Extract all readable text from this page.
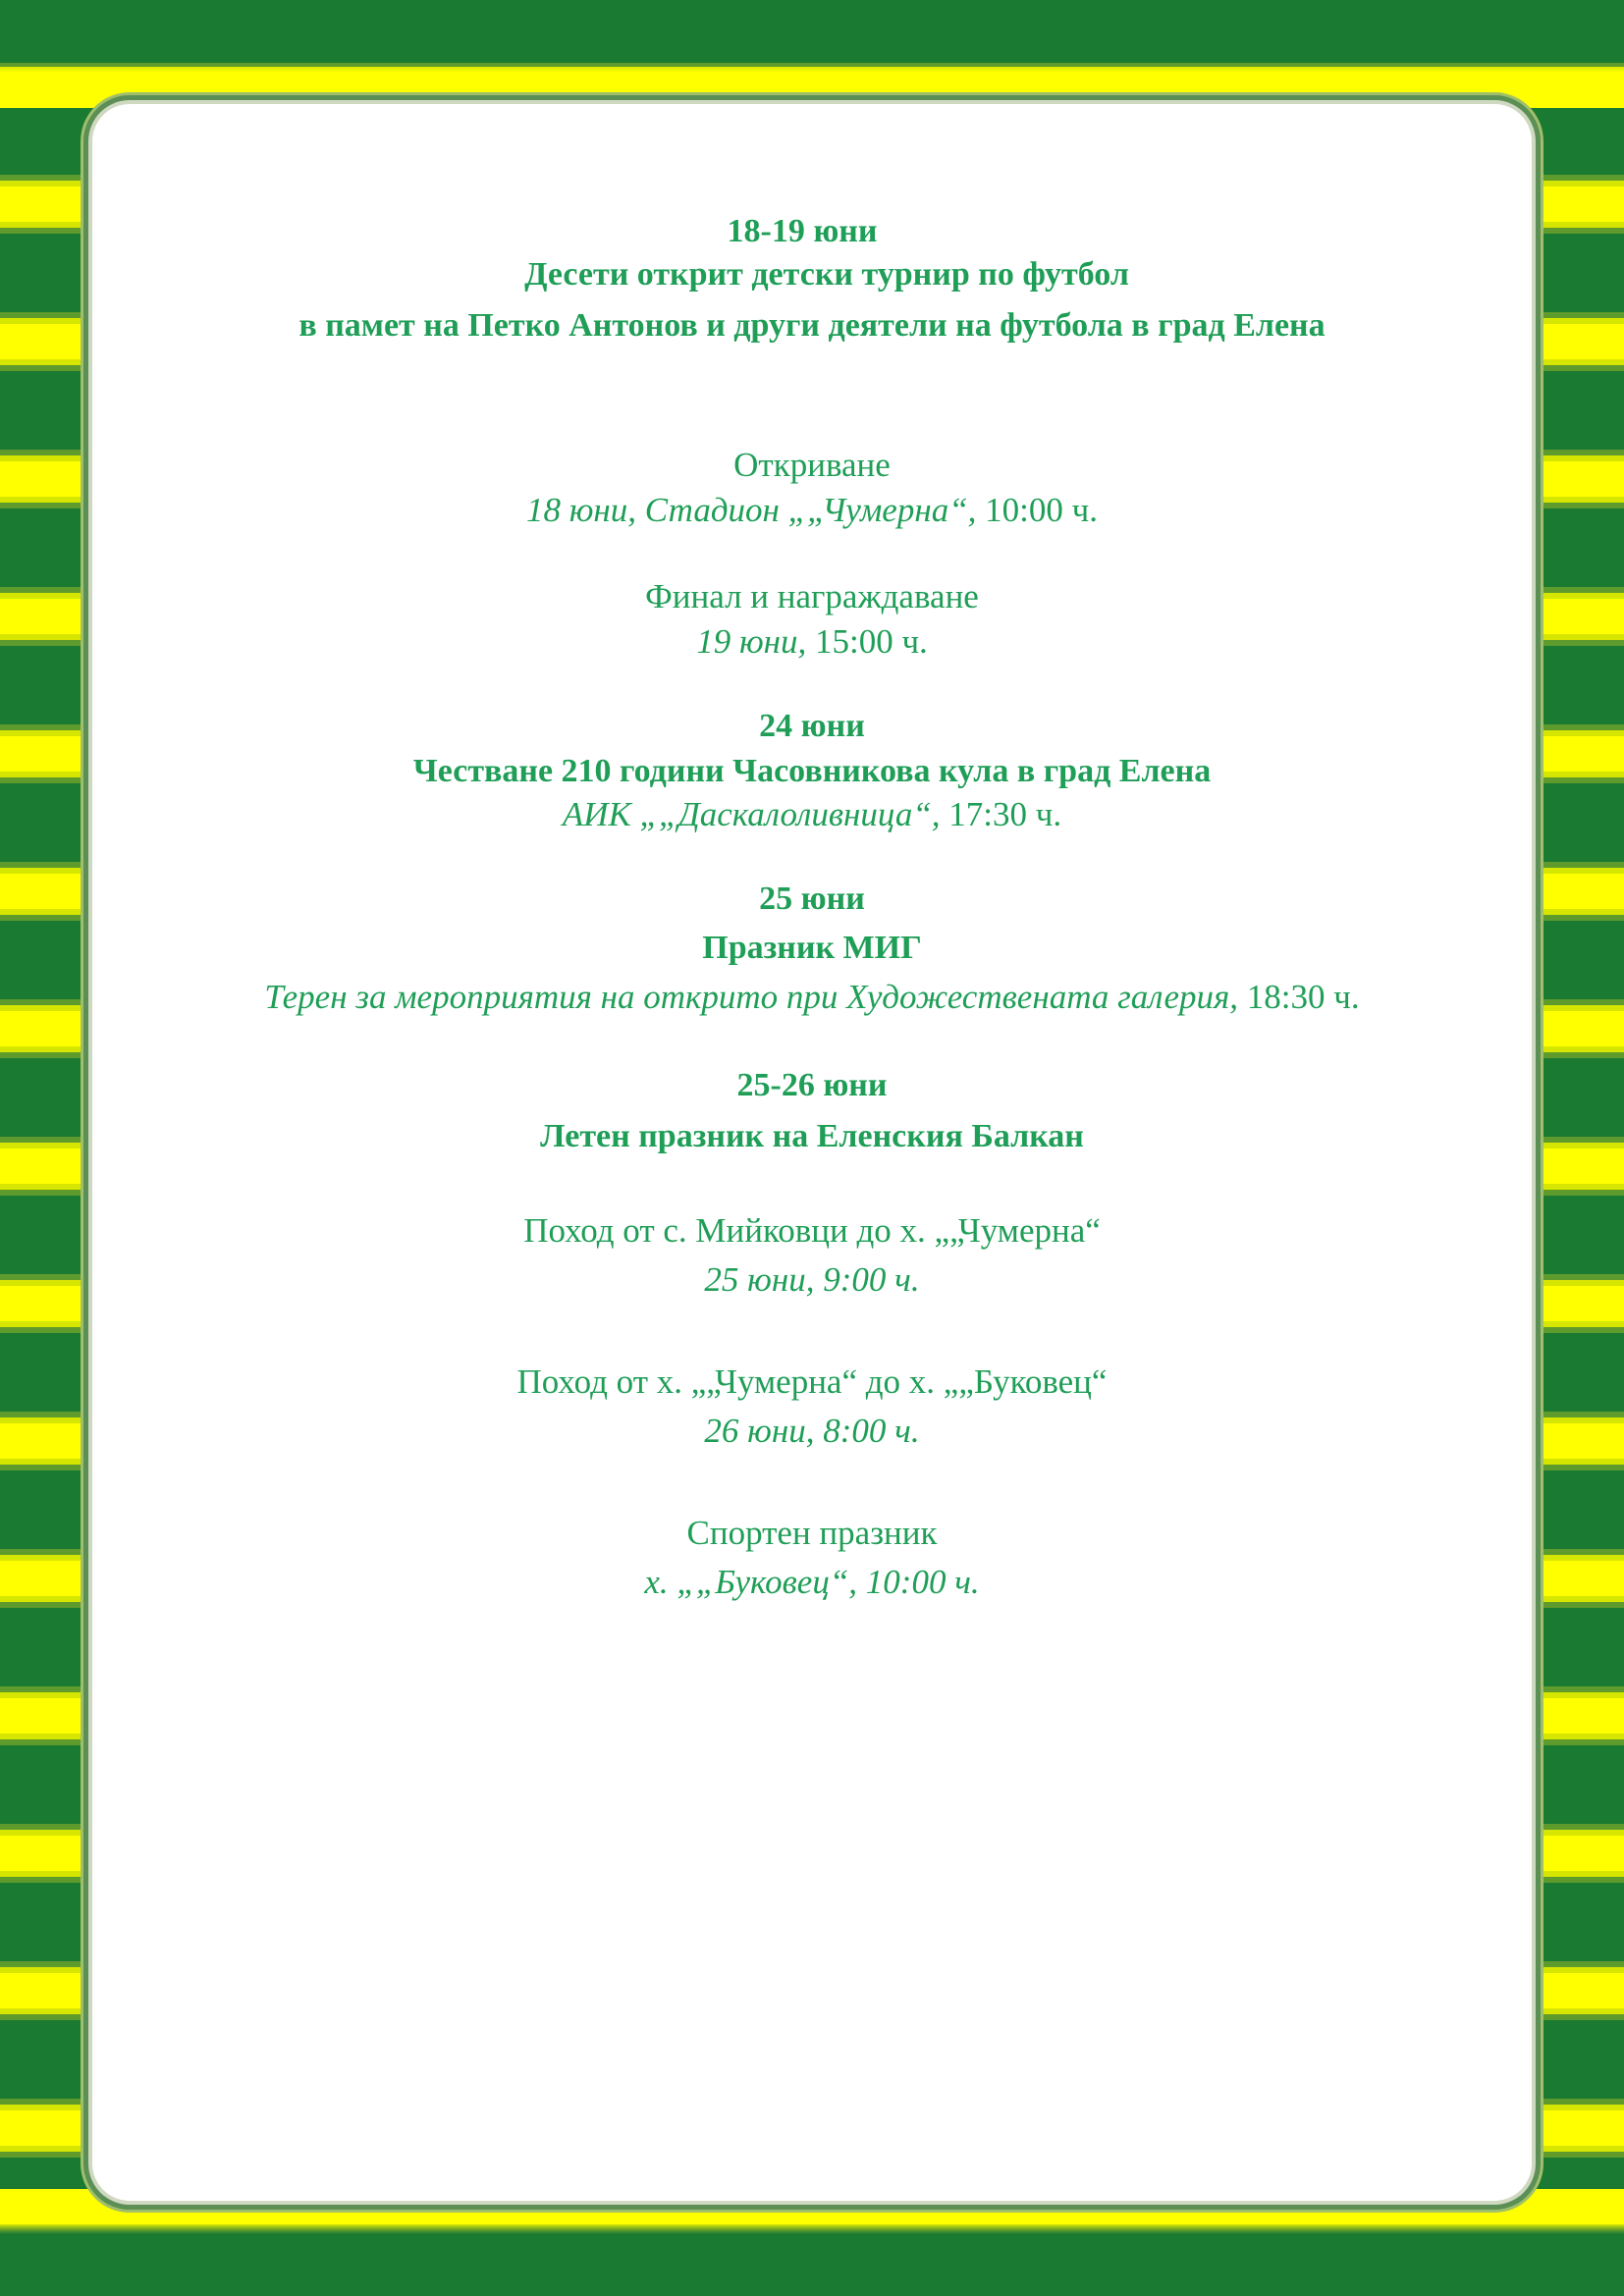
18-19 юни
Десети открит детски турнир по футбол
в памет на Петко Антонов и други деятели на футбола в град Елена
Откриване
18 юни, Стадион „„Чумерна“, 10:00 ч.
Финал и награждаване
19 юни, 15:00 ч.
24 юни
Честване 210 години Часовникова кула в град Елена
АИК „„Даскалоливница“, 17:30 ч.
25 юни
Празник МИГ
Терен за мероприятия на открито при Художествената галерия, 18:30 ч.
25-26 юни
Летен празник на Еленския Балкан
Поход от с. Мийковци до х. „„Чумерна“
25 юни, 9:00 ч.
Поход от х. „„Чумерна“ до х. „„Буковец“
26 юни, 8:00 ч.
Спортен празник
х. „„Буковец“, 10:00 ч.
